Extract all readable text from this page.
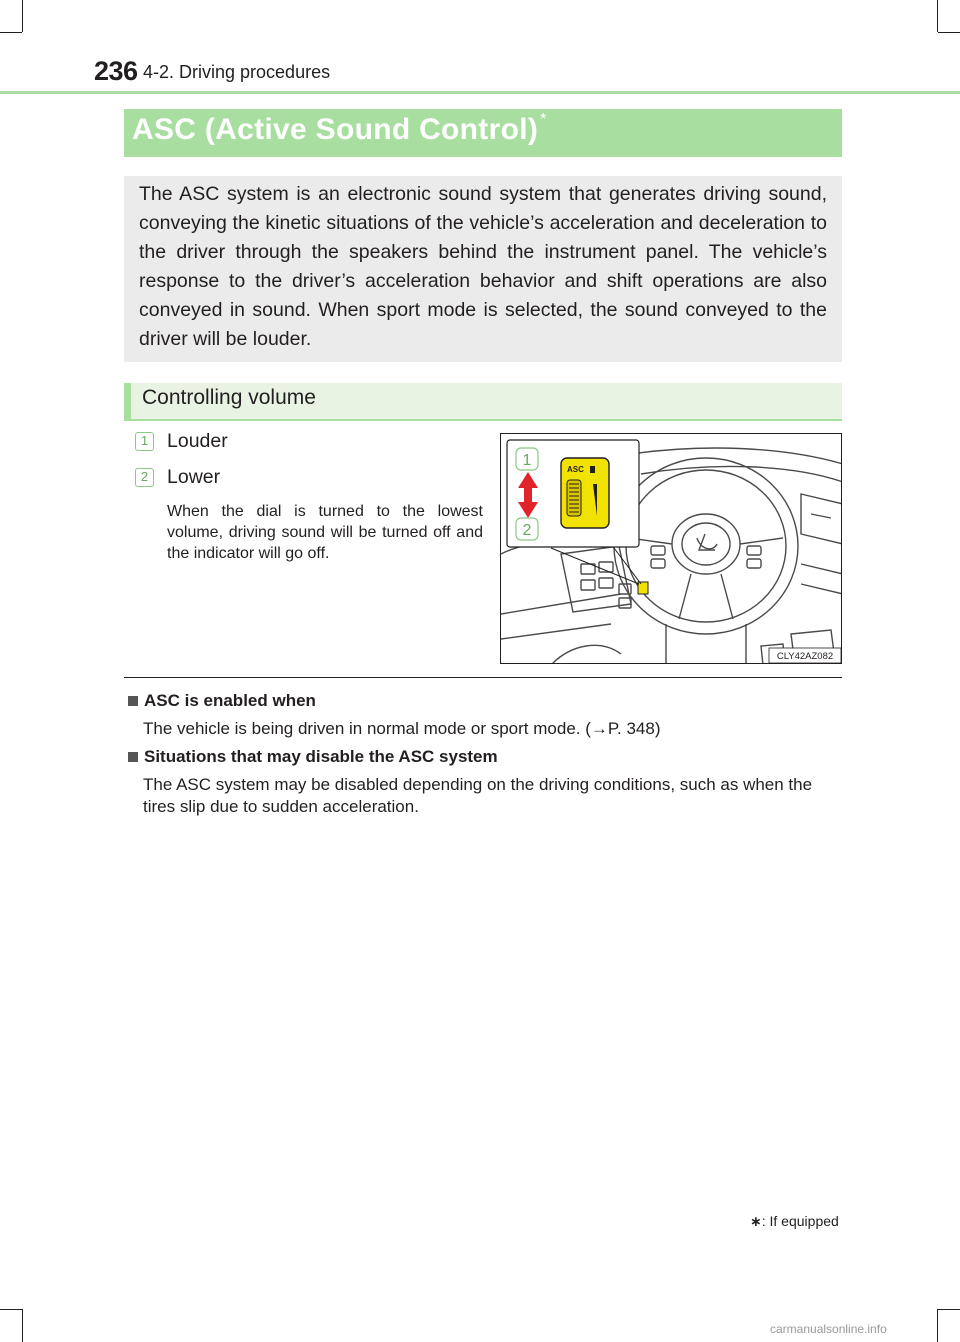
236 4-2. Driving procedures
ASC (Active Sound Control) *
The ASC system is an electronic sound system that generates driving sound, conveying the kinetic situations of the vehicle’s acceleration and deceleration to the driver through the speakers behind the instrument panel. The vehicle’s response to the driver’s acceleration behavior and shift operations are also conveyed in sound. When sport mode is selected, the sound conveyed to the driver will be louder.
Controlling volume
1 Louder
2 Lower
When the dial is turned to the lowest volume, driving sound will be turned off and the indicator will go off.
ASC
1
2
CLY42AZ082
ASC is enabled when
The vehicle is being driven in normal mode or sport mode. (→P. 348)
Situations that may disable the ASC system
The ASC system may be disabled depending on the driving conditions, such as when the tires slip due to sudden acceleration.
∗: If equipped
carmanualsonline.info
